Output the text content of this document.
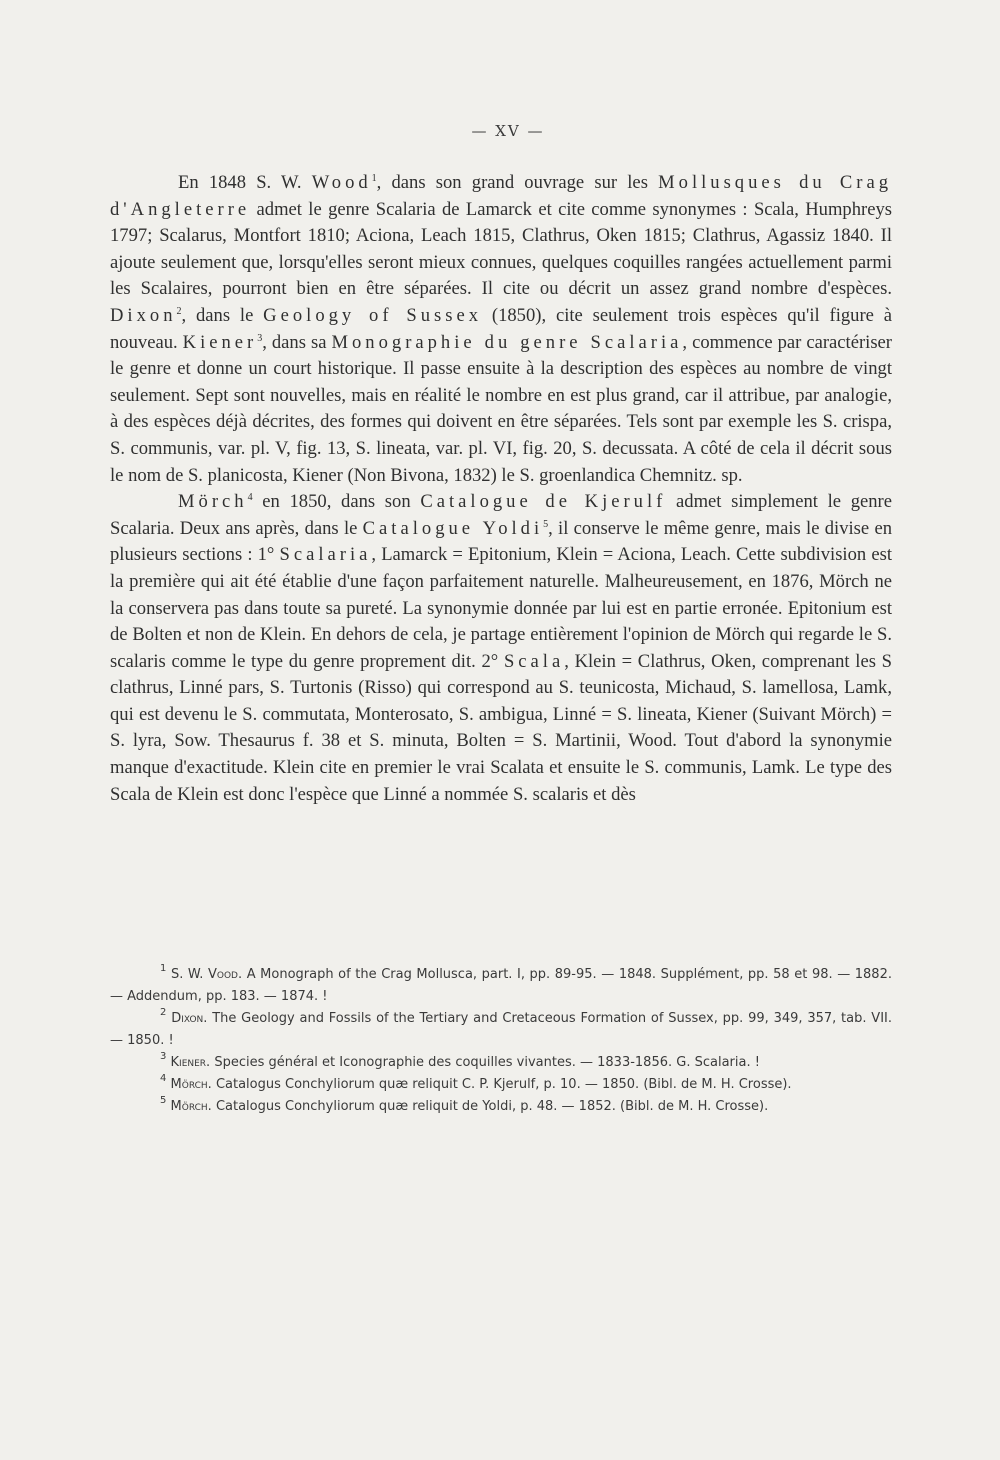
— XV —

En 1848 S. W. Wood$^1$, dans son grand ouvrage sur les Mollusques du Crag d'Angleterre admet le genre Scalaria de Lamarck et cite comme synonymes : Scala, Humphreys 1797; Scalarus, Montfort 1810; Aciona, Leach 1815, Clathrus, Oken 1815; Clathrus, Agassiz 1840. Il ajoute seulement que, lorsqu'elles seront mieux connues, quelques coquilles rangées actuellement parmi les Scalaires, pourront bien en être séparées. Il cite ou décrit un assez grand nombre d'espèces. Dixon$^2$, dans le Geology of Sussex (1850), cite seulement trois espèces qu'il figure à nouveau. Kiener$^3$, dans sa Monographie du genre Scalaria, commence par caractériser le genre et donne un court historique. Il passe ensuite à la description des espèces au nombre de vingt seulement. Sept sont nouvelles, mais en réalité le nombre en est plus grand, car il attribue, par analogie, à des espèces déjà décrites, des formes qui doivent en être séparées. Tels sont par exemple les S. crispa, S. communis, var. pl. V, fig. 13, S. lineata, var. pl. VI, fig. 20, S. decussata. A côté de cela il décrit sous le nom de S. planicosta, Kiener (Non Bivona, 1832) le S. groenlandica Chemnitz. sp.

Mörch$^4$ en 1850, dans son Catalogue de Kjerulf admet simplement le genre Scalaria. Deux ans après, dans le Catalogue Yoldi$^5$, il conserve le même genre, mais le divise en plusieurs sections : 1° Scalaria, Lamarck = Epitonium, Klein = Aciona, Leach. Cette subdivision est la première qui ait été établie d'une façon parfaitement naturelle. Malheureusement, en 1876, Mörch ne la conservera pas dans toute sa pureté. La synonymie donnée par lui est en partie erronée. Epitonium est de Bolten et non de Klein. En dehors de cela, je partage entièrement l'opinion de Mörch qui regarde le S. scalaris comme le type du genre proprement dit. 2° Scala, Klein = Clathrus, Oken, comprenant les S clathrus, Linné pars, S. Turtonis (Risso) qui correspond au S. teunicosta, Michaud, S. lamellosa, Lamk, qui est devenu le S. commutata, Monterosato, S. ambigua, Linné = S. lineata, Kiener (Suivant Mörch) = S. lyra, Sow. Thesaurus f. 38 et S. minuta, Bolten = S. Martinii, Wood. Tout d'abord la synonymie manque d'exactitude. Klein cite en premier le vrai Scalata et ensuite le S. communis, Lamk. Le type des Scala de Klein est donc l'espèce que Linné a nommée S. scalaris et dès

$^1$ S. W. Vood. A Monograph of the Crag Mollusca, part. I, pp. 89-95. — 1848. Supplément, pp. 58 et 98. — 1882. — Addendum, pp. 183. — 1874. !

$^2$ Dixon. The Geology and Fossils of the Tertiary and Cretaceous Formation of Sussex, pp. 99, 349, 357, tab. VII. — 1850. !

$^3$ Kiener. Species général et Iconographie des coquilles vivantes. — 1833-1856. G. Scalaria. !

$^4$ Mörch. Catalogus Conchyliorum quæ reliquit C. P. Kjerulf, p. 10. — 1850. (Bibl. de M. H. Crosse).

$^5$ Mörch. Catalogus Conchyliorum quæ reliquit de Yoldi, p. 48. — 1852. (Bibl. de M. H. Crosse).
